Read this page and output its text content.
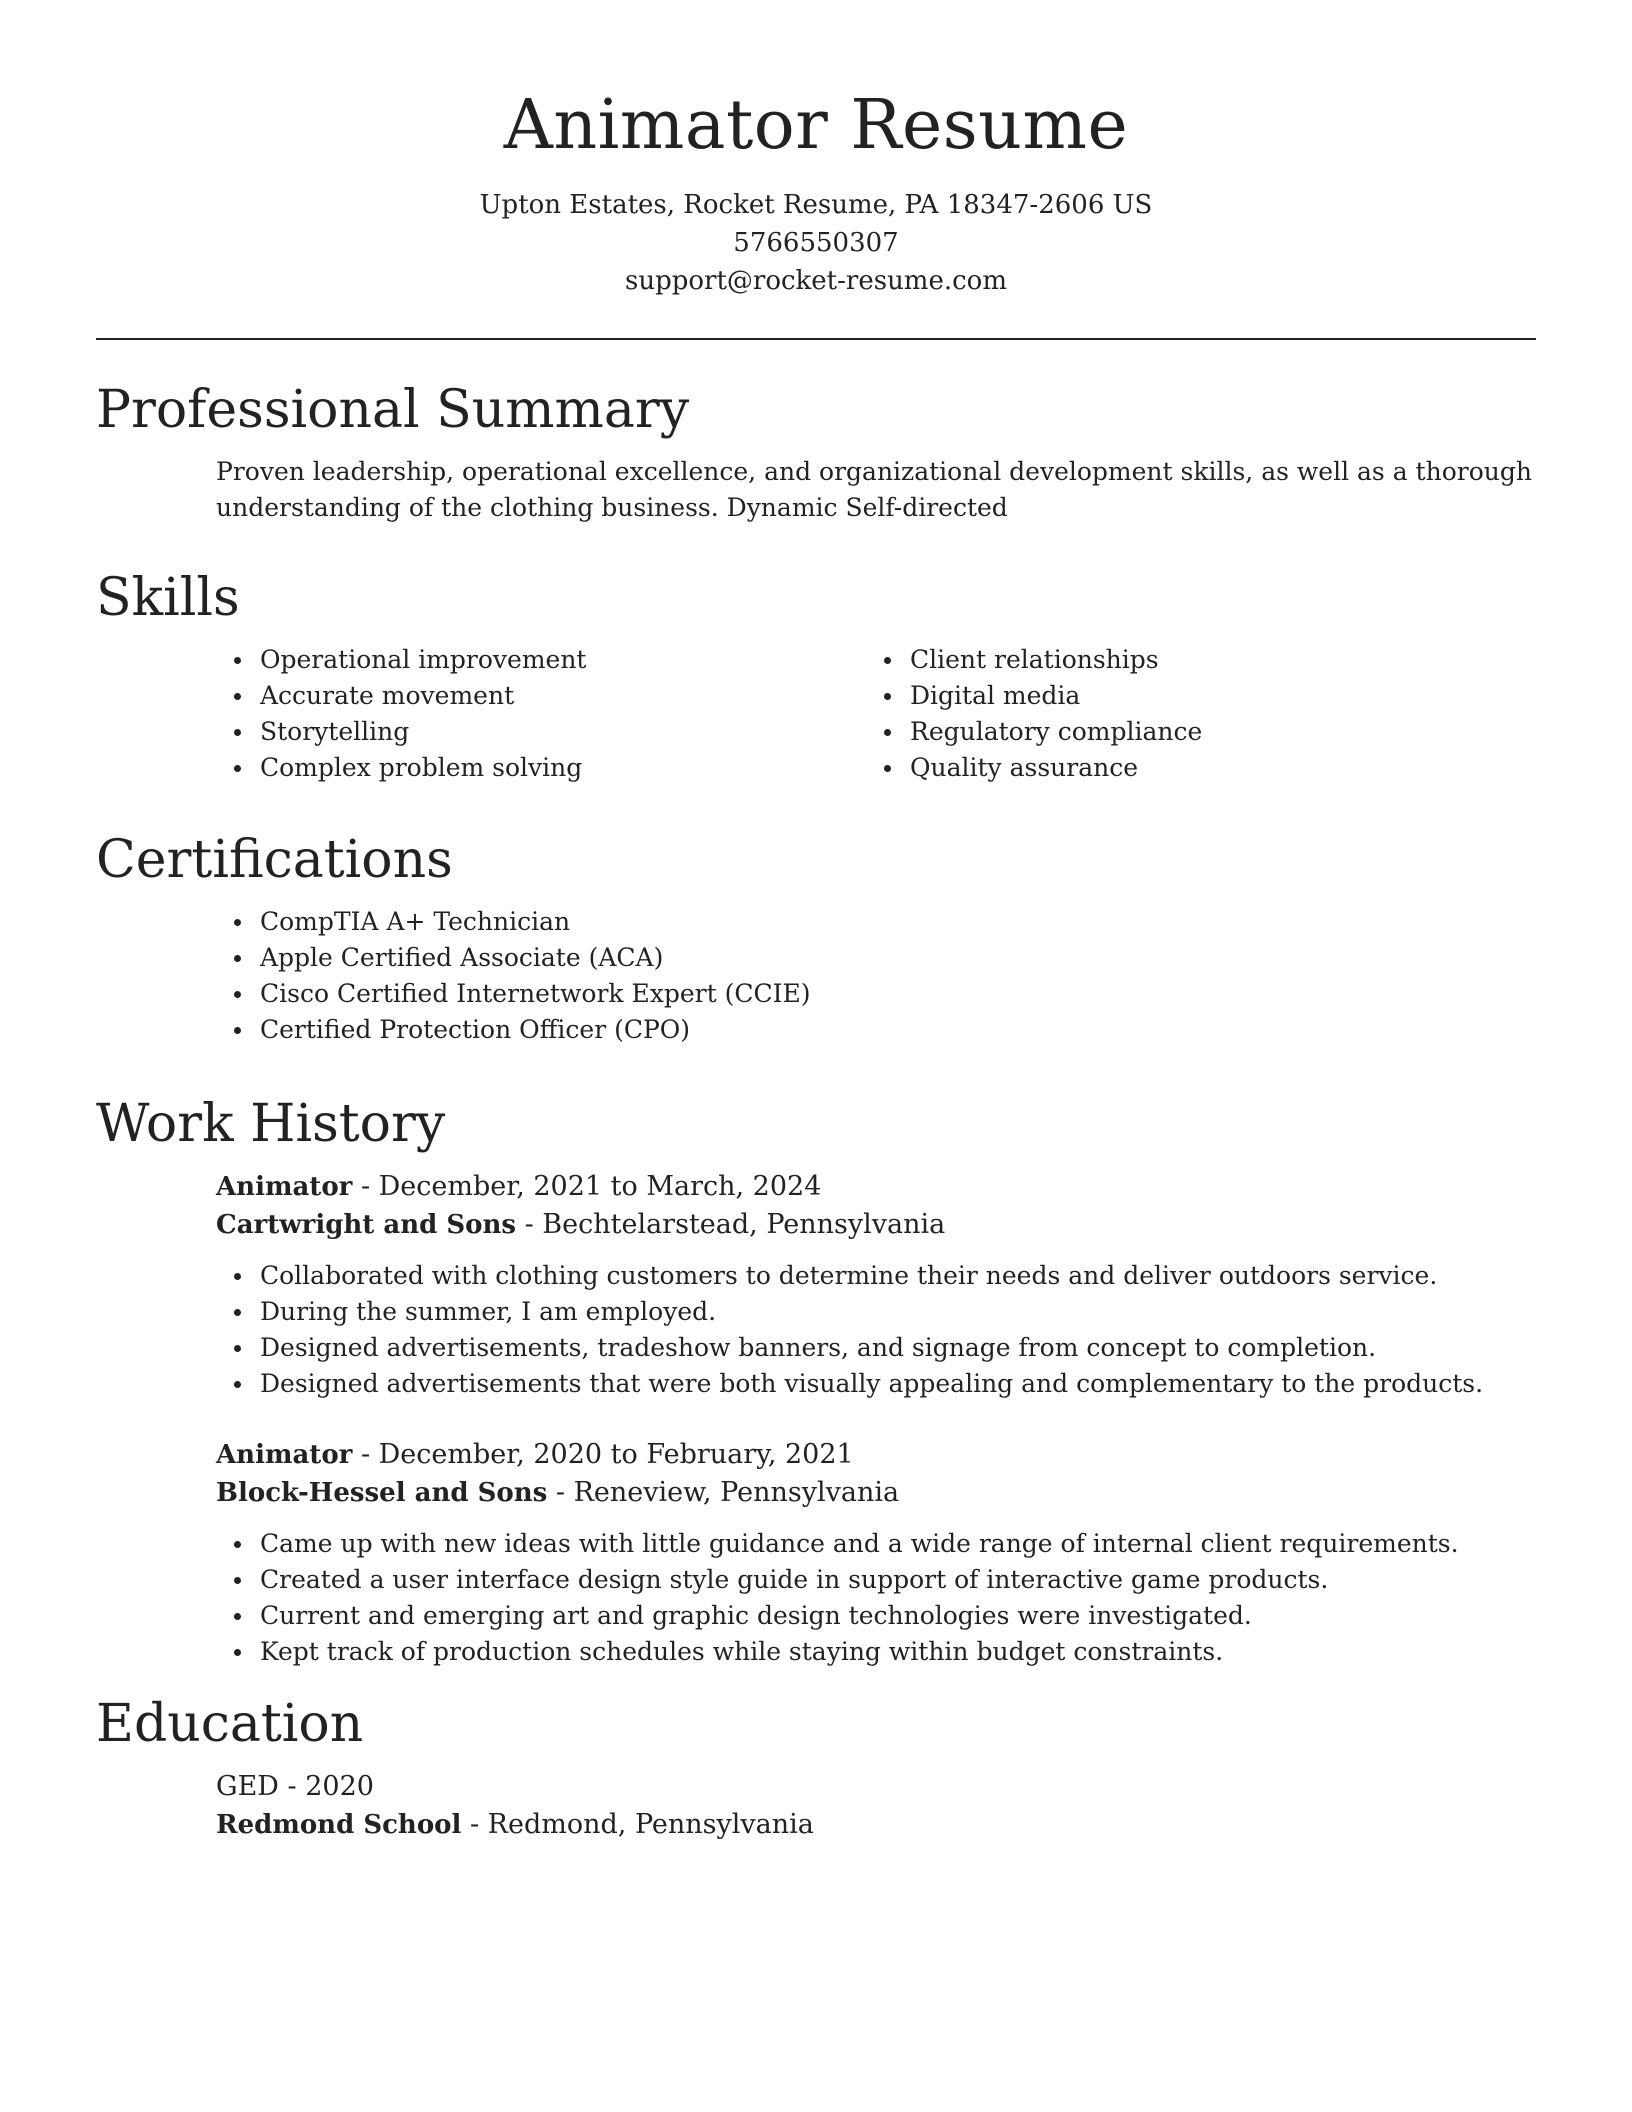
Animator Resume
Upton Estates, Rocket Resume, PA 18347-2606 US
5766550307
support@rocket-resume.com
Professional Summary

Proven leadership, operational excellence, and organizational development skills, as well as a thorough understanding of the clothing business. Dynamic Self-directed

Skills
Operational improvement
Accurate movement
Storytelling
Complex problem solving
Client relationships
Digital media
Regulatory compliance
Quality assurance
Certifications
CompTIA A+ Technician
Apple Certified Associate (ACA)
Cisco Certified Internetwork Expert (CCIE)
Certified Protection Officer (CPO)
Work History
Animator - December, 2021 to March, 2024
Cartwright and Sons - Bechtelarstead, Pennsylvania
Collaborated with clothing customers to determine their needs and deliver outdoors service.
During the summer, I am employed.
Designed advertisements, tradeshow banners, and signage from concept to completion.
Designed advertisements that were both visually appealing and complementary to the products.
Animator - December, 2020 to February, 2021
Block-Hessel and Sons - Reneview, Pennsylvania
Came up with new ideas with little guidance and a wide range of internal client requirements.
Created a user interface design style guide in support of interactive game products.
Current and emerging art and graphic design technologies were investigated.
Kept track of production schedules while staying within budget constraints.
Education
GED - 2020
Redmond School - Redmond, Pennsylvania
